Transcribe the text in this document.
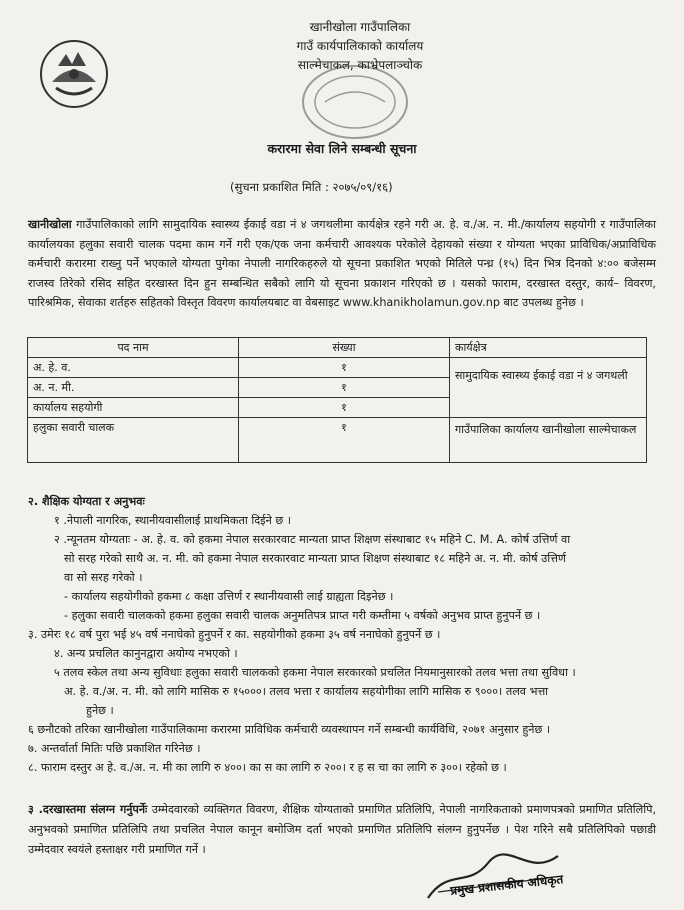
खानीखोला गाउँपालिका
गाउँ कार्यपालिकाको कार्यालय
साल्मेचाकल, काभ्रेपलाञ्चोक
करारमा सेवा लिने सम्बन्धी सूचना
(सुचना प्रकाशित मिति : २०७५/०९/१६)
खानीखोला गाउँपालिकाको लागि सामुदायिक स्वास्थ्य ईकाई वडा नं ४ जगथलीमा कार्यक्षेत्र रहने गरी अ. हे. व./अ. न. मी./कार्यालय सहयोगी र गाउँपालिका कार्यालयका हलुका सवारी चालक पदमा काम गर्ने गरी एक/एक जना कर्मचारी आवश्यक परेकोले देहायको संख्या र योग्यता भएका प्राविधिक/अप्राविधिक कर्मचारी करारमा राख्नु पर्ने भएकाले योग्यता पुगेका नेपाली नागरिकहरुले यो सूचना प्रकाशित भएको मितिले पन्ध्र (१५) दिन भित्र दिनको ४:०० बजेसम्म राजस्व तिरेको रसिद सहित दरखास्त दिन हुन सम्बन्धित सबैको लागि यो सूचना प्रकाशन गरिएको छ । यसको फाराम, दरखास्त दस्तुर, कार्य– विवरण, पारिश्रमिक, सेवाका शर्तहरु सहितको विस्तृत विवरण कार्यालयबाट वा वेबसाइट www.khanikholamun.gov.np बाट उपलब्ध हुनेछ ।
पद नाम	संख्या	कार्यक्षेत्र
अ. हे. व.	१	सामुदायिक स्वास्थ्य ईकाई वडा नं ४ जगथली
अ. न. मी.	१	
कार्यालय सहयोगी	१	
हलुका सवारी चालक	१	गाउँपालिका कार्यालय खानीखोला साल्मेचाकल
२. शैक्षिक योग्यता र अनुभवः
१ .नेपाली नागरिक, स्थानीयवासीलाई प्राथमिकता दिईने छ ।
२ .न्यूनतम योग्यताः - अ. हे. व. को हकमा नेपाल सरकारवाट मान्यता प्राप्त शिक्षण संस्थाबाट १५ महिने C. M. A. कोर्ष उत्तिर्ण वा
सो सरह गरेको साथै अ. न. मी. को हकमा नेपाल सरकारवाट मान्यता प्राप्त शिक्षण संस्थाबाट १८ महिने अ. न. मी. कोर्ष उत्तिर्ण
वा सो सरह गरेको ।
- कार्यालय सहयोगीको हकमा ८ कक्षा उत्तिर्ण र स्थानीयवासी लाई ग्राह्यता दिइनेछ ।
- हलुका सवारी चालकको हकमा हलुका सवारी चालक अनुमतिपत्र प्राप्त गरी कम्तीमा ५ वर्षको अनुभव प्राप्त हुनुपर्ने छ ।
३. उमेरः १८ वर्ष पुरा भई ४५ वर्ष ननाघेको हुनुपर्ने र का. सहयोगीको हकमा ३५ वर्ष ननाघेको हुनुपर्ने छ ।
४. अन्य प्रचलित कानुनद्वारा अयोग्य नभएको ।
५ तलव स्केल तथा अन्य सुविधाः हलुका सवारी चालकको हकमा नेपाल सरकारको प्रचलित नियमानुसारको तलव भत्ता तथा सुविधा ।
अ. हे. व./अ. न. मी. को लागि मासिक रु १५०००। तलव भत्ता र कार्यालय सहयोगीका लागि मासिक रु ९०००। तलव भत्ता
हुनेछ ।
६ छनौटको तरिका खानीखोला गाउँपालिकामा करारमा प्राविधिक कर्मचारी व्यवस्थापन गर्ने सम्बन्धी कार्यविधि, २०७१ अनुसार हुनेछ ।
७. अन्तर्वार्ता मितिः पछि प्रकाशित गरिनेछ ।
८. फाराम दस्तुर अ हे. व./अ. न. मी का लागि रु ४००। का स का लागि रु २००। र ह स चा का लागि रु ३००। रहेको छ ।
३ .दरखास्तमा संलग्न गर्नुपर्नेः उम्मेदवारको व्यक्तिगत विवरण, शैक्षिक योग्यताको प्रमाणित प्रतिलिपि, नेपाली नागरिकताको प्रमाणपत्रको प्रमाणित प्रतिलिपि, अनुभवको प्रमाणित प्रतिलिपि तथा प्रचलित नेपाल कानून बमोजिम दर्ता भएको प्रमाणित प्रतिलिपि संलग्न हुनुपर्नेछ । पेश गरिने सबै प्रतिलिपिको पछाडी उम्मेदवार स्वयंले हस्ताक्षर गरी प्रमाणित गर्ने ।
प्रमुख प्रशासकीय अधिकृत
